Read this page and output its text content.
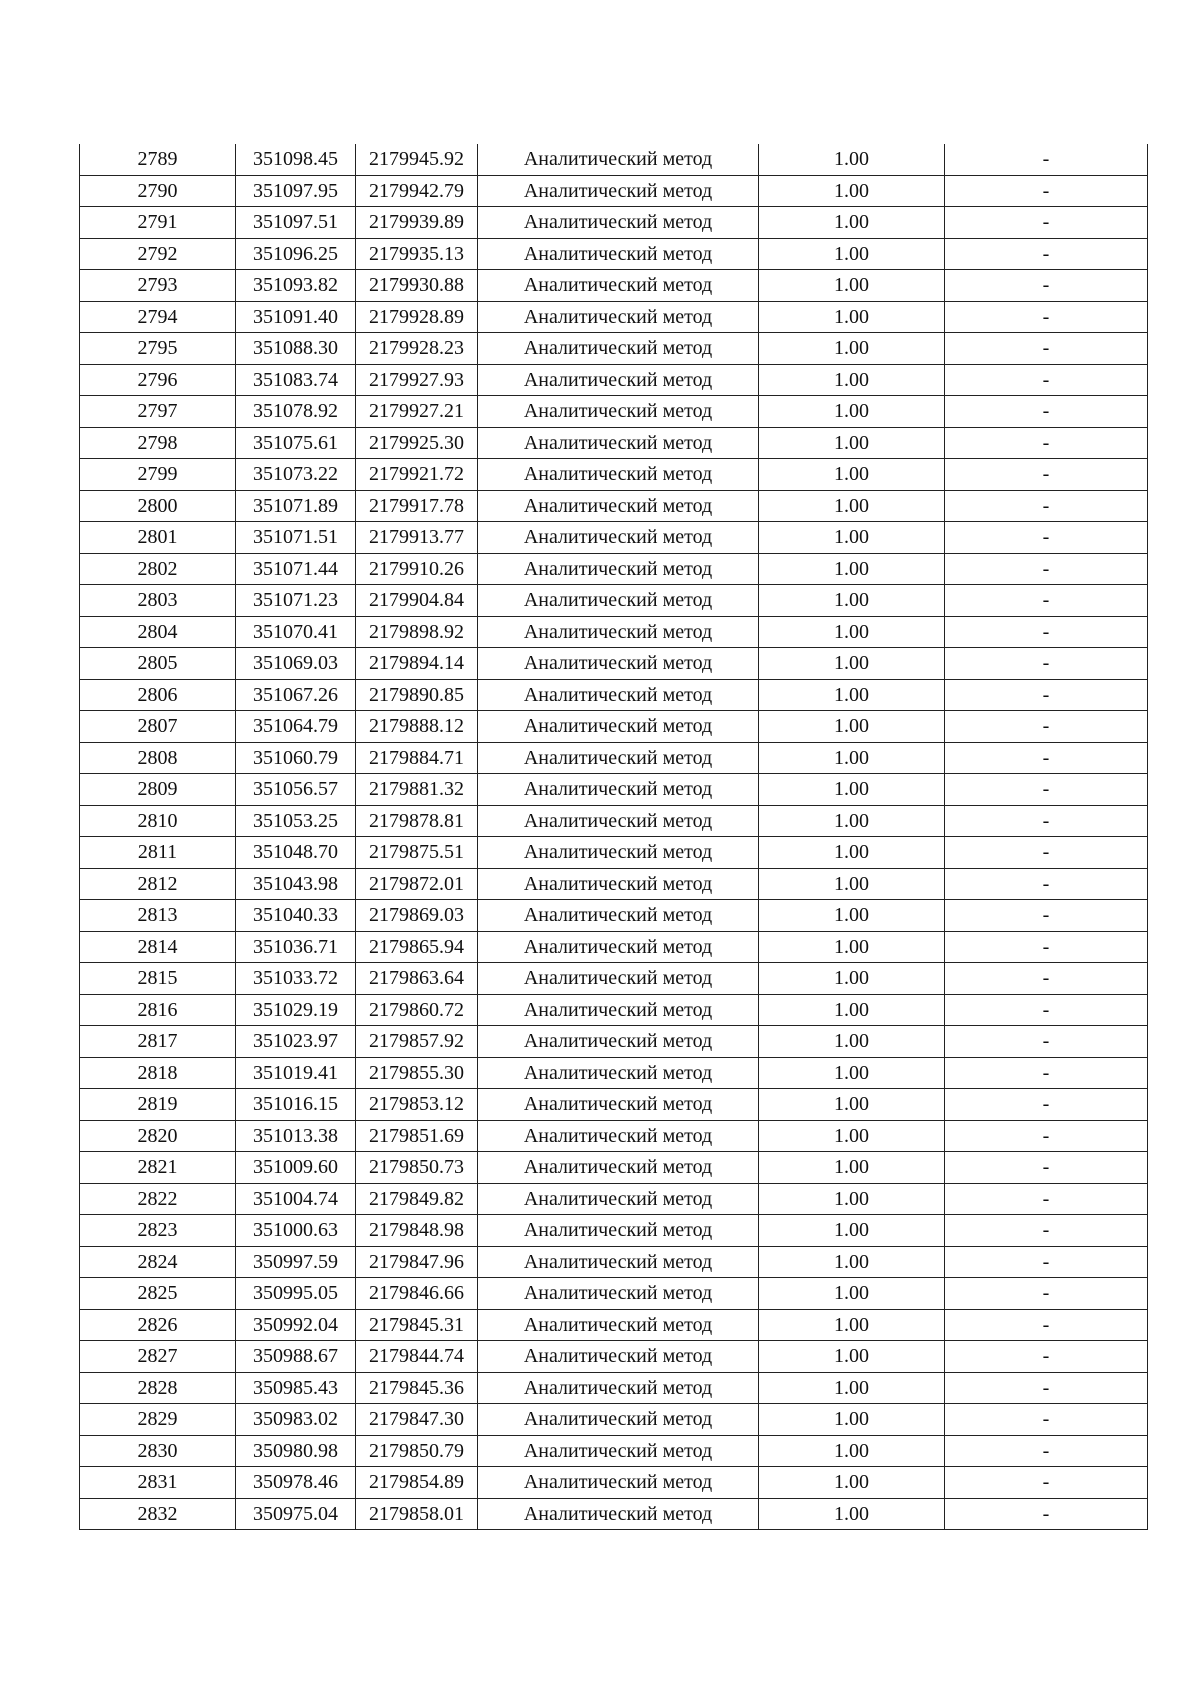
2789	351098.45	2179945.92	Аналитический метод	1.00	-
2790	351097.95	2179942.79	Аналитический метод	1.00	-
2791	351097.51	2179939.89	Аналитический метод	1.00	-
2792	351096.25	2179935.13	Аналитический метод	1.00	-
2793	351093.82	2179930.88	Аналитический метод	1.00	-
2794	351091.40	2179928.89	Аналитический метод	1.00	-
2795	351088.30	2179928.23	Аналитический метод	1.00	-
2796	351083.74	2179927.93	Аналитический метод	1.00	-
2797	351078.92	2179927.21	Аналитический метод	1.00	-
2798	351075.61	2179925.30	Аналитический метод	1.00	-
2799	351073.22	2179921.72	Аналитический метод	1.00	-
2800	351071.89	2179917.78	Аналитический метод	1.00	-
2801	351071.51	2179913.77	Аналитический метод	1.00	-
2802	351071.44	2179910.26	Аналитический метод	1.00	-
2803	351071.23	2179904.84	Аналитический метод	1.00	-
2804	351070.41	2179898.92	Аналитический метод	1.00	-
2805	351069.03	2179894.14	Аналитический метод	1.00	-
2806	351067.26	2179890.85	Аналитический метод	1.00	-
2807	351064.79	2179888.12	Аналитический метод	1.00	-
2808	351060.79	2179884.71	Аналитический метод	1.00	-
2809	351056.57	2179881.32	Аналитический метод	1.00	-
2810	351053.25	2179878.81	Аналитический метод	1.00	-
2811	351048.70	2179875.51	Аналитический метод	1.00	-
2812	351043.98	2179872.01	Аналитический метод	1.00	-
2813	351040.33	2179869.03	Аналитический метод	1.00	-
2814	351036.71	2179865.94	Аналитический метод	1.00	-
2815	351033.72	2179863.64	Аналитический метод	1.00	-
2816	351029.19	2179860.72	Аналитический метод	1.00	-
2817	351023.97	2179857.92	Аналитический метод	1.00	-
2818	351019.41	2179855.30	Аналитический метод	1.00	-
2819	351016.15	2179853.12	Аналитический метод	1.00	-
2820	351013.38	2179851.69	Аналитический метод	1.00	-
2821	351009.60	2179850.73	Аналитический метод	1.00	-
2822	351004.74	2179849.82	Аналитический метод	1.00	-
2823	351000.63	2179848.98	Аналитический метод	1.00	-
2824	350997.59	2179847.96	Аналитический метод	1.00	-
2825	350995.05	2179846.66	Аналитический метод	1.00	-
2826	350992.04	2179845.31	Аналитический метод	1.00	-
2827	350988.67	2179844.74	Аналитический метод	1.00	-
2828	350985.43	2179845.36	Аналитический метод	1.00	-
2829	350983.02	2179847.30	Аналитический метод	1.00	-
2830	350980.98	2179850.79	Аналитический метод	1.00	-
2831	350978.46	2179854.89	Аналитический метод	1.00	-
2832	350975.04	2179858.01	Аналитический метод	1.00	-
